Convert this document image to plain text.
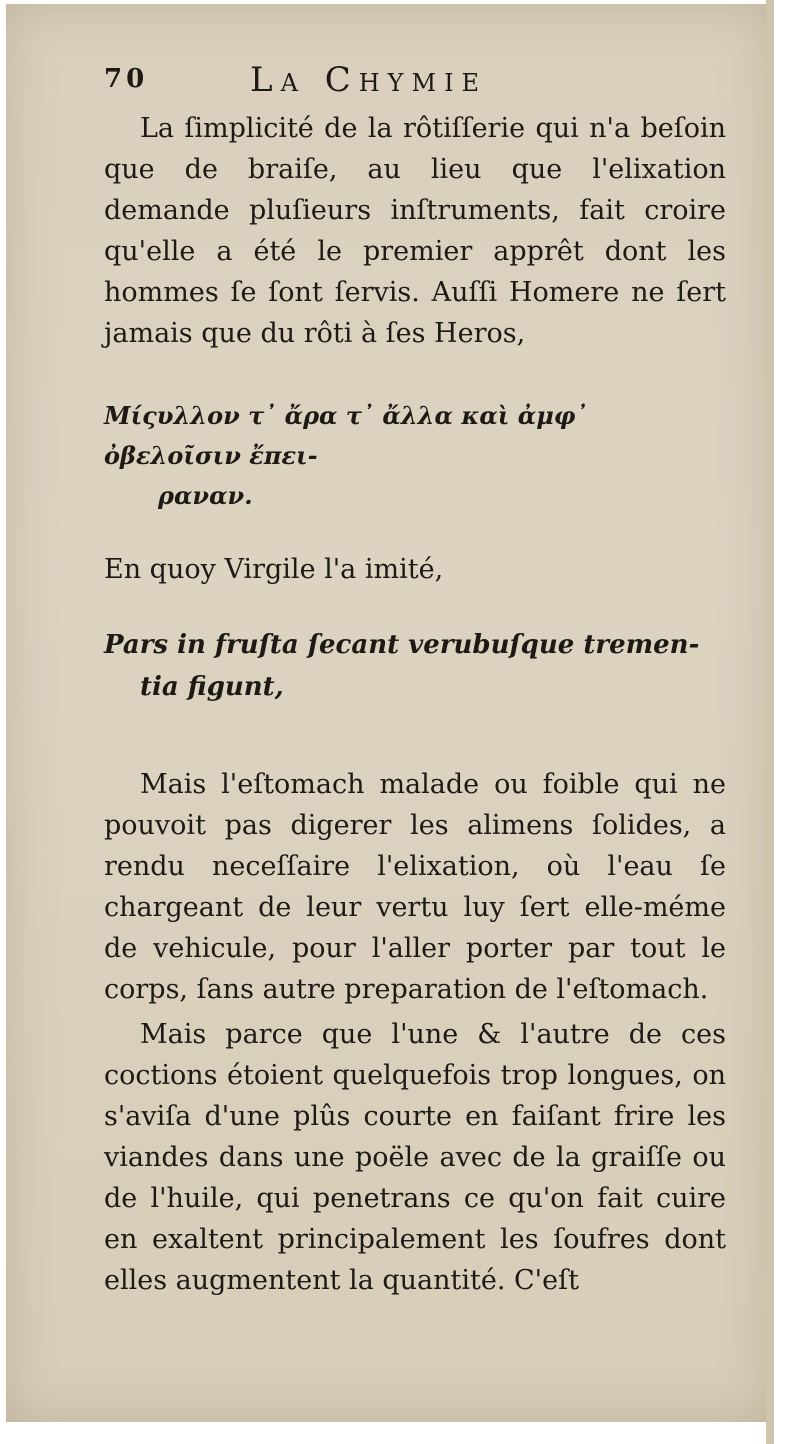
70	La Chymie

La ſimplicité de la rôtiſſerie qui n'a beſoin que de braiſe, au lieu que l'elixation demande pluſieurs inſtruments, fait croire qu'elle a été le premier apprêt dont les hommes ſe ſont ſervis. Auſſi Homere ne ſert jamais que du rôti à ſes Heros,

Μίςυλλον τ᾽ ἄρα τ᾽ ἄλλα καὶ ἀμφ᾽ ὀβελοῖσιν ἔπει-
ραναν.

En quoy Virgile l'a imité,

Pars in fruſta ſecant verubuſque tremen-
tia figunt,

Mais l'eſtomach malade ou foible qui ne pouvoit pas digerer les alimens ſolides, a rendu neceſſaire l'elixation, où l'eau ſe chargeant de leur vertu luy ſert elle-méme de vehicule, pour l'aller porter par tout le corps, ſans autre preparation de l'eſtomach.

Mais parce que l'une & l'autre de ces coctions étoient quelquefois trop longues, on s'aviſa d'une plûs courte en faiſant frire les viandes dans une poële avec de la graiſſe ou de l'huile, qui penetrans ce qu'on fait cuire en exaltent principalement les ſoufres dont elles augmentent la quantité. C'eſt
